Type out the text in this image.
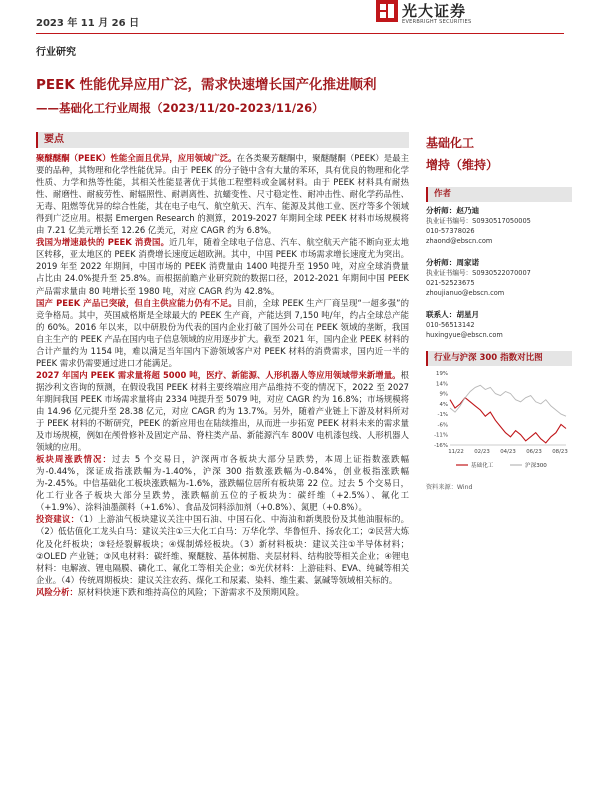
2023 年 11 月 26 日
光大证券
EVERBRIGHT SECURITIES
行业研究
PEEK 性能优异应用广泛，需求快速增长国产化推进顺利
——基础化工行业周报（2023/11/20-2023/11/26）
要点

聚醚醚酮（PEEK）性能全面且优异，应用领域广泛。在各类聚芳醚酮中，聚醚醚酮（PEEK）是最主要的品种，其物理和化学性能优异。由于 PEEK 的分子链中含有大量的苯环，具有优良的物理和化学性质、力学和热等性能，其相关性能显著优于其他工程塑料或金属材料。由于 PEEK 材料具有耐热性、耐磨性、耐疲劳性、耐辐照性、耐剥离性、抗蠕变性、尺寸稳定性、耐冲击性、耐化学药品性、无毒、阻燃等优异的综合性能，其在电子电气、航空航天、汽车、能源及其他工业、医疗等多个领域得到广泛应用。根据 Emergen Research 的测算，2019-2027 年期间全球 PEEK 材料市场规模将由 7.21 亿美元增长至 12.26 亿美元，对应 CAGR 约为 6.8%。

我国为增速最快的 PEEK 消费国。近几年，随着全球电子信息、汽车、航空航天产能不断向亚太地区转移，亚太地区的 PEEK 消费增长速度远超欧洲。其中，中国 PEEK 市场需求增长速度尤为突出。2019 年至 2022 年期间，中国市场的 PEEK 消费量由 1400 吨提升至 1950 吨，对应全球消费量占比由 24.0%提升至 25.8%。而根据前瞻产业研究院的数据口径，2012-2021 年期间中国 PEEK 产品需求量由 80 吨增长至 1980 吨，对应 CAGR 约为 42.8%。

国产 PEEK 产品已突破，但自主供应能力仍有不足。目前，全球 PEEK 生产厂商呈现“一超多强”的竞争格局。其中，英国威格斯是全球最大的 PEEK 生产商，产能达到 7,150 吨/年，约占全球总产能的 60%。2016 年以来，以中研股份为代表的国内企业打破了国外公司在 PEEK 领域的垄断，我国自主生产的 PEEK 产品在国内电子信息领域的应用逐步扩大。截至 2021 年，国内企业 PEEK 材料的合计产量约为 1154 吨，难以满足当年国内下游领域客户对 PEEK 材料的消费需求，国内近一半的 PEEK 需求仍需要通过进口才能满足。

2027 年国内 PEEK 需求量将超 5000 吨，医疗、新能源、人形机器人等应用领域带来新增量。根据沙利文咨询的预测，在假设我国 PEEK 材料主要终端应用产品维持不变的情况下，2022 至 2027 年期间我国 PEEK 市场需求量将由 2334 吨提升至 5079 吨，对应 CAGR 约为 16.8%；市场规模将由 14.96 亿元提升至 28.38 亿元，对应 CAGR 约为 13.7%。另外，随着产业链上下游及材料所对于 PEEK 材料的不断研究，PEEK 的新应用也在陆续推出，从而进一步拓宽 PEEK 材料未来的需求量及市场规模，例如在颅骨修补及固定产品、脊柱类产品、新能源汽车 800V 电机漆包线、人形机器人领域的应用。

板块周涨跌情况：过去 5 个交易日，沪深两市各板块大部分呈跌势，本周上证指数涨跌幅为-0.44%，深证成指涨跌幅为-1.40%，沪深 300 指数涨跌幅为-0.84%，创业板指涨跌幅为-2.45%。中信基础化工板块涨跌幅为-1.6%，涨跌幅位居所有板块第 22 位。过去 5 个交易日，化工行业各子板块大部分呈跌势，涨跌幅前五位的子板块为：碳纤维（+2.5%）、氟化工（+1.9%）、涂料油墨颜料（+1.6%）、食品及饲料添加剂（+0.8%）、氮肥（+0.8%）。

投资建议：（1）上游油气板块建议关注中国石油、中国石化、中海油和新奥股份及其他油服标的。（2）低估值化工龙头白马：建议关注①三大化工白马：万华化学、华鲁恒升、扬农化工；②民营大炼化及化纤板块；③轻烃裂解板块；④煤制烯烃板块。（3）新材料板块：建议关注①半导体材料；②OLED 产业链；③风电材料：碳纤维、聚醚胺、基体树脂、夹层材料、结构胶等相关企业；④锂电材料：电解液、锂电隔膜、磷化工、氟化工等相关企业；⑤光伏材料：上游硅料、EVA、纯碱等相关企业。（4）传统周期板块：建议关注农药、煤化工和尿素、染料、维生素、氯碱等领域相关标的。

风险分析：原材料快速下跌和维持高位的风险；下游需求不及预期风险。

基础化工
增持（维持）
作者
分析师：赵乃迪
执业证书编号：S0930517050005
010-57378026
zhaond@ebscn.com
分析师：周家诺
执业证书编号：S0930522070007
021-52523675
zhoujianuo@ebscn.com
联系人：胡星月
010-56513142
huxingyue@ebscn.com
行业与沪深 300 指数对比图
19%
14%
9%
4%
-1%
-6%
-11%
-16%
11/22 02/23 04/23 06/23 08/23
基础化工	沪深300
资料来源：Wind
